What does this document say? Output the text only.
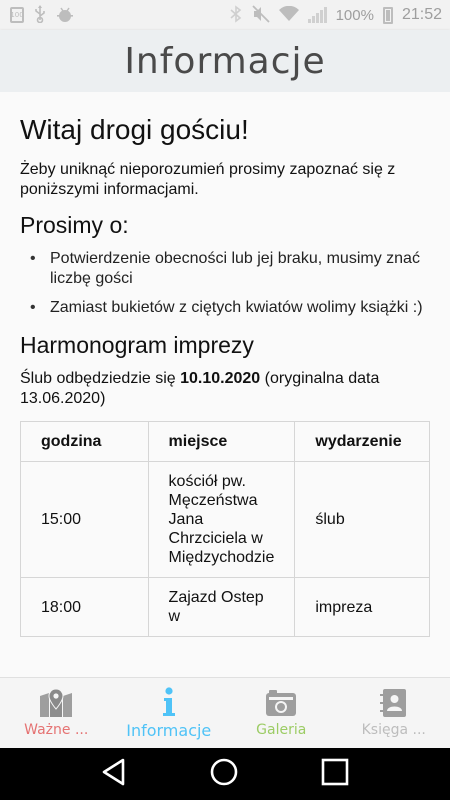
100	100% 21:52
Informacje
Witaj drogi gościu!

Żeby uniknąć nieporozumień prosimy zapoznać się z poniższymi informacjami.

Prosimy o:
• Potwierdzenie obecności lub jej braku, musimy znać liczbę gości
• Zamiast bukietów z ciętych kwiatów wolimy książki :)
Harmonogram imprezy

Ślub odbędziedzie się 10.10.2020 (oryginalna data 13.06.2020)

godzina	miejsce	wydarzenie
15:00	kościół pw. Męczeństwa Jana Chrzciciela w Międzychodzie	ślub
18:00	Zajazd Ostep w	impreza
Ważne ... Informacje	Galeria	Księga ...
